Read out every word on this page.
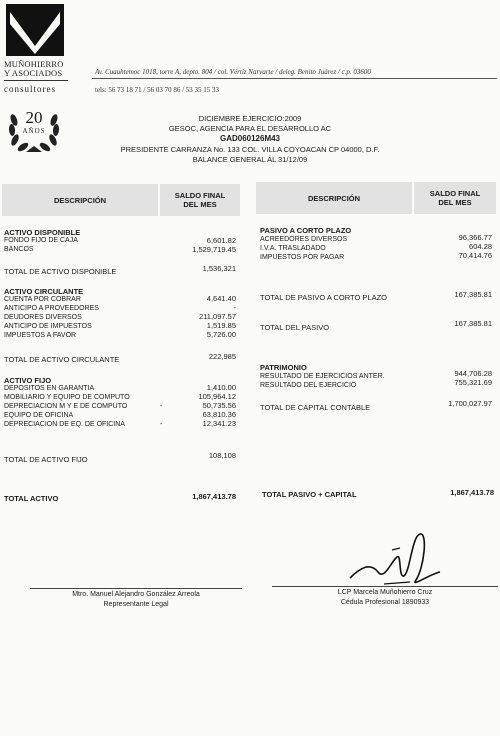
MUÑOHIERRO
Y ASOCIADOS
consultores
20
AÑOS
Av. Cuauhtemoc 1018, torre A, depto. 804 / col. Vértiz Narvarte / deleg. Benito Juárez / c.p. 03600
tels: 56 73 18 71 / 56 03 70 86 / 53 35 15 33
DICIEMBRE EJERCICIO:2009
GESOC, AGENCIA PARA EL DESARROLLO AC
GAD060126M43
PRESIDENTE CARRANZA No. 133 COL. VILLA COYOACAN CP 04000, D.F.
BALANCE GENERAL AL 31/12/09
DESCRIPCIÓN	SALDO FINAL
DEL MES
DESCRIPCIÓN	SALDO FINAL
DEL MES
ACTIVO DISPONIBLE
FONDO FIJO DE CAJA	6,601.82
BANCOS	1,529,719.45
TOTAL DE ACTIVO DISPONIBLE	1,536,321
ACTIVO CIRCULANTE
CUENTA POR COBRAR	4,641.40
ANTICIPO A PROVEEDORES	-
DEUDORES DIVERSOS	211,097.57
ANTICIPO DE IMPUESTOS	1,519.85
IMPUESTOS A FAVOR	5,726.00
TOTAL DE ACTIVO CIRCULANTE	222,985
ACTIVO FIJO
DEPOSITOS EN GARANTIA	1,410.00
MOBILIARIO Y EQUIPO DE COMPUTO	105,964.12
DEPRECIACION M Y E DE COMPUTO	-	50,735.56
EQUIPO DE OFICINA	63,810.36
DEPRECIACION DE EQ. DE OFICINA	-	12,341.23
TOTAL DE ACTIVO FIJO	108,108
TOTAL ACTIVO	1,867,413.78
PASIVO A CORTO PLAZO
ACREEDORES DIVERSOS	96,366.77
I.V.A. TRASLADADO	604.28
IMPUESTOS POR PAGAR	70,414.76
TOTAL DE PASIVO A CORTO PLAZO	167,385.81
TOTAL DEL PASIVO	167,385.81
PATRIMONIO
RESULTADO DE EJERCICIOS ANTER.	944,706.28
RESULTADO DEL EJERCICIO	755,321.69
TOTAL DE CAPITAL CONTABLE	1,700,027.97
TOTAL PASIVO + CAPITAL	1,867,413.78
Mtro. Manuel Alejandro González Arreola
Representante Legal
LCP Marcela Muñohierro Cruz
Cédula Profesional 1890933
